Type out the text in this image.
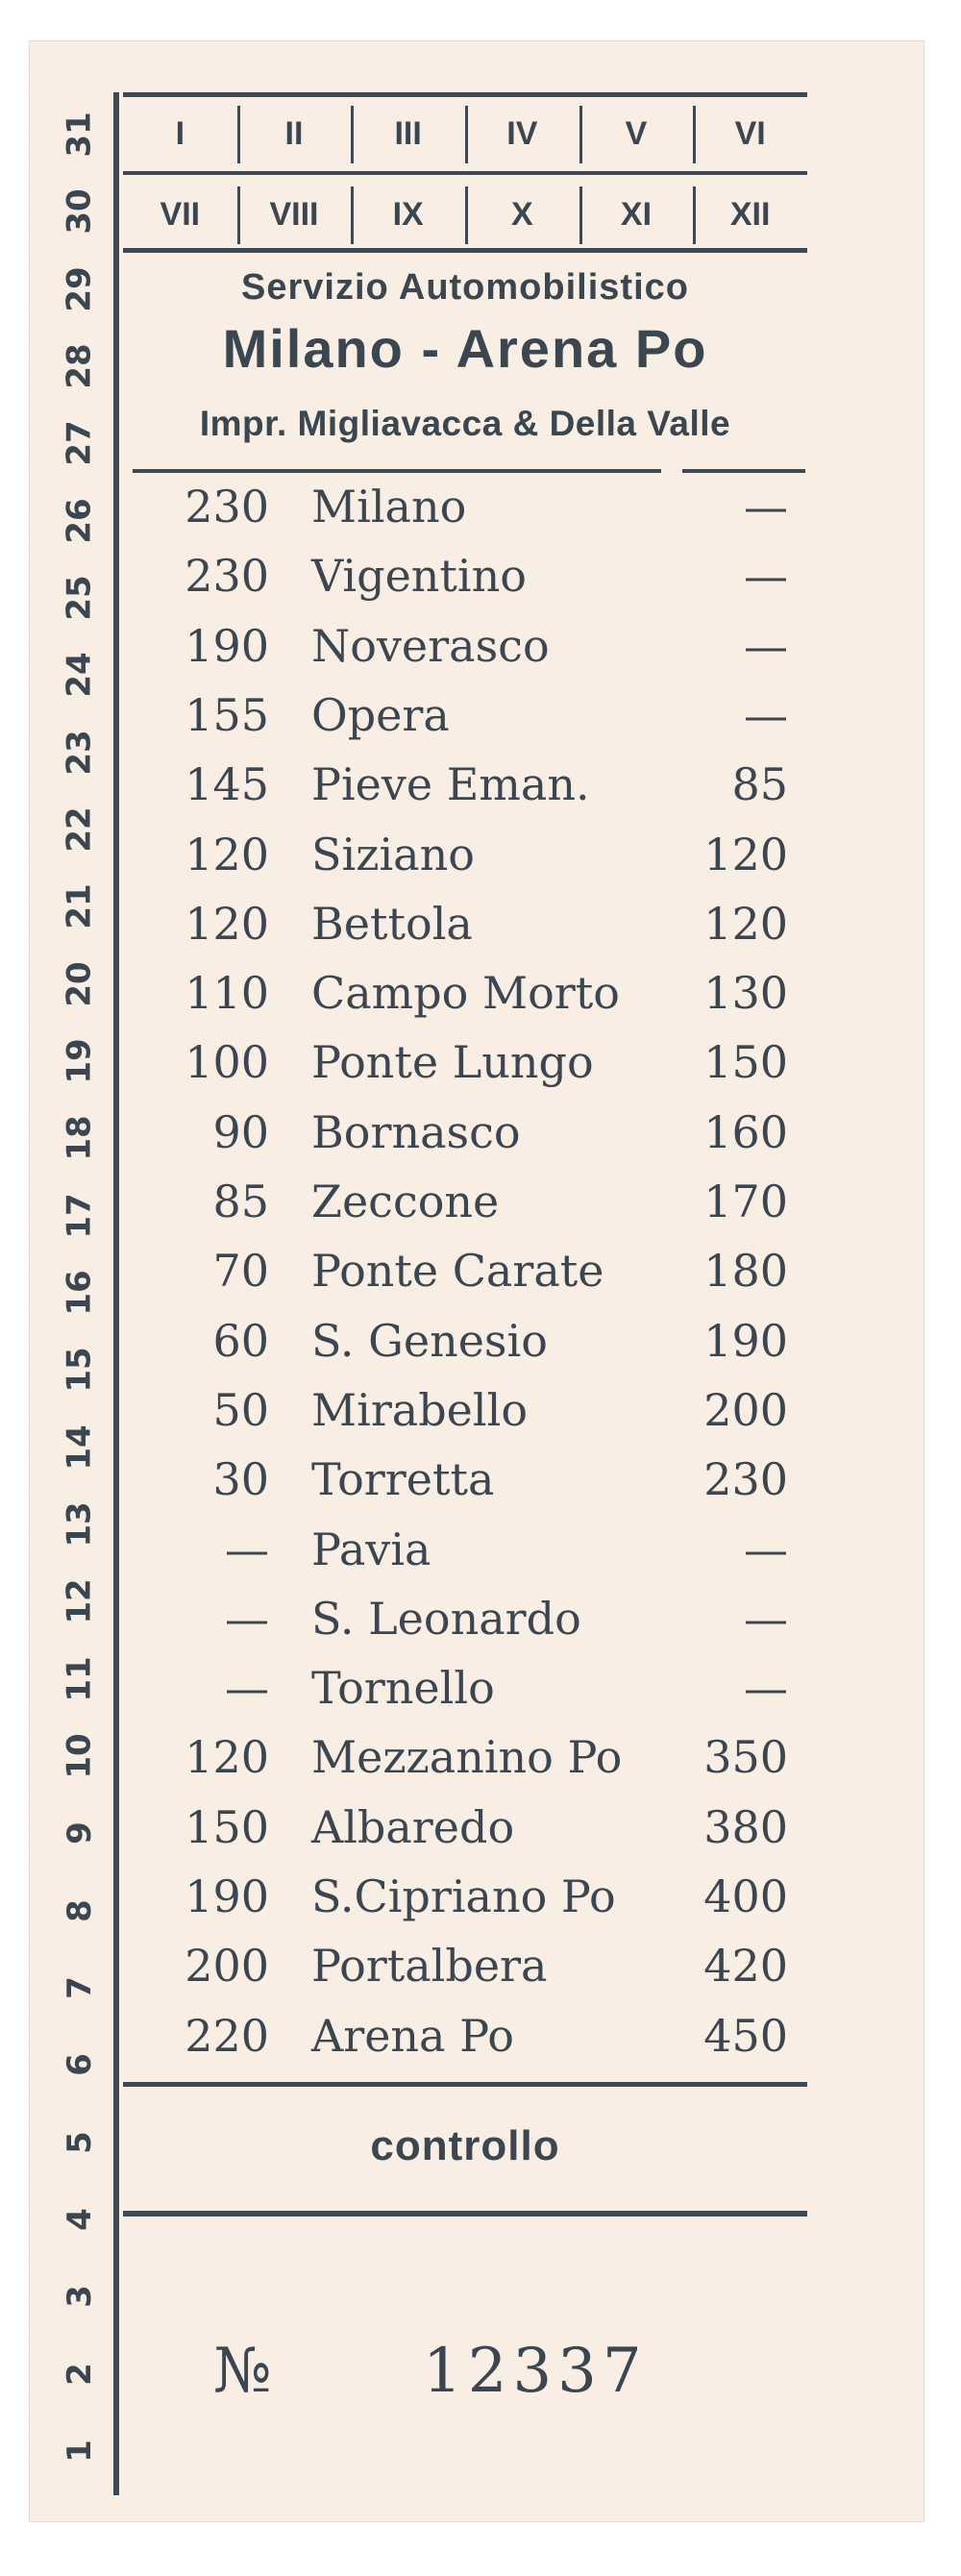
1
2
3
4
5
6
7
8
9
10
11
12
13
14
15
16
17
18
19
20
21
22
23
24
25
26
27
28
29
30
31	I	II	III	IV	V	VI
VII	VIII	IX	X	XI	XII
Servizio Automobilistico
Milano - Arena Po
Impr. Migliavacca & Della Valle
230 Milano	—
230 Vigentino	—
190 Noverasco	—
155 Opera	—
145 Pieve Eman.	85
120 Siziano	120
120 Bettola	120
110 Campo Morto	130
100 Ponte Lungo	150
90 Bornasco	160
85 Zeccone	170
70 Ponte Carate	180
60 S. Genesio	190
50 Mirabello	200
30 Torretta	230
— Pavia	—
— S. Leonardo	—
— Tornello	—
120 Mezzanino Po	350
150 Albaredo	380
190 S.Cipriano Po	400
200 Portalbera	420
220 Arena Po	450
controllo
№ 12337
